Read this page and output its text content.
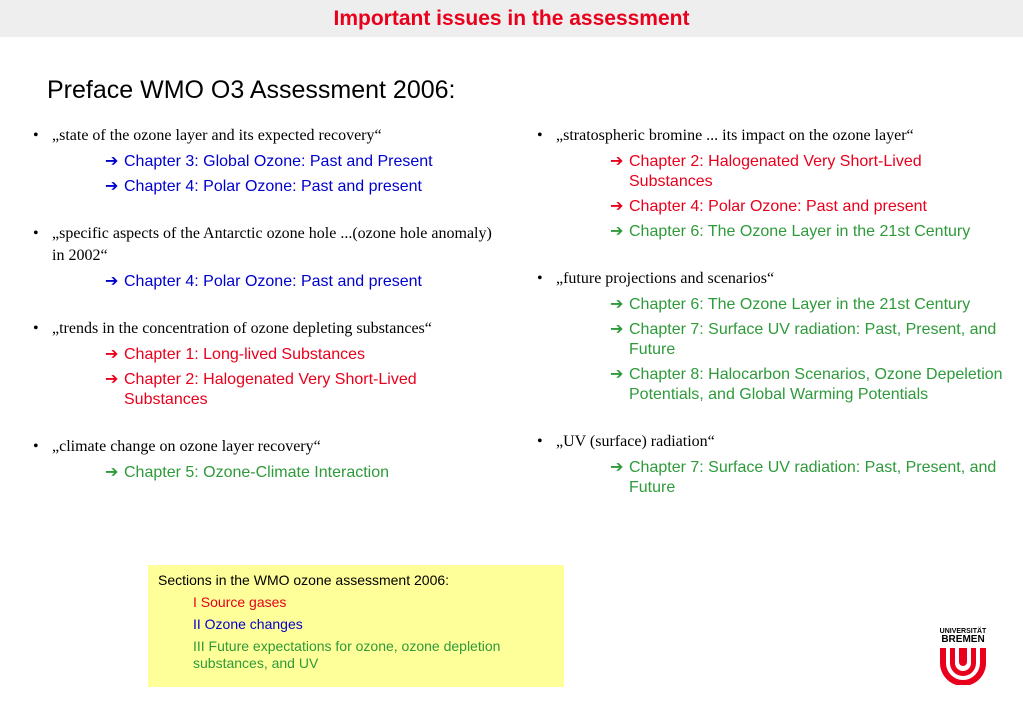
Important issues in the assessment
Preface WMO O3 Assessment 2006:
• „state of the ozone layer and its expected recovery“
➔ Chapter 3: Global Ozone: Past and Present
➔ Chapter 4: Polar Ozone: Past and present
• „specific aspects of the Antarctic ozone hole ...(ozone hole anomaly) in 2002“
➔ Chapter 4: Polar Ozone: Past and present
• „trends in the concentration of ozone depleting substances“
➔ Chapter 1: Long-lived Substances
➔ Chapter 2: Halogenated Very Short-Lived Substances
• „climate change on ozone layer recovery“
➔ Chapter 5: Ozone-Climate Interaction
• „stratospheric bromine ... its impact on the ozone layer“
➔ Chapter 2: Halogenated Very Short-Lived Substances
➔ Chapter 4: Polar Ozone: Past and present
➔ Chapter 6: The Ozone Layer in the 21st Century
• „future projections and scenarios“
➔ Chapter 6: The Ozone Layer in the 21st Century
➔ Chapter 7: Surface UV radiation: Past, Present, and Future
➔ Chapter 8: Halocarbon Scenarios, Ozone Depeletion Potentials, and Global Warming Potentials
• „UV (surface) radiation“
➔ Chapter 7: Surface UV radiation: Past, Present, and Future
Sections in the WMO ozone assessment 2006:
I Source gases
II Ozone changes
III Future expectations for ozone, ozone depletion substances, and UV
UNIVERSITÄT
BREMEN
